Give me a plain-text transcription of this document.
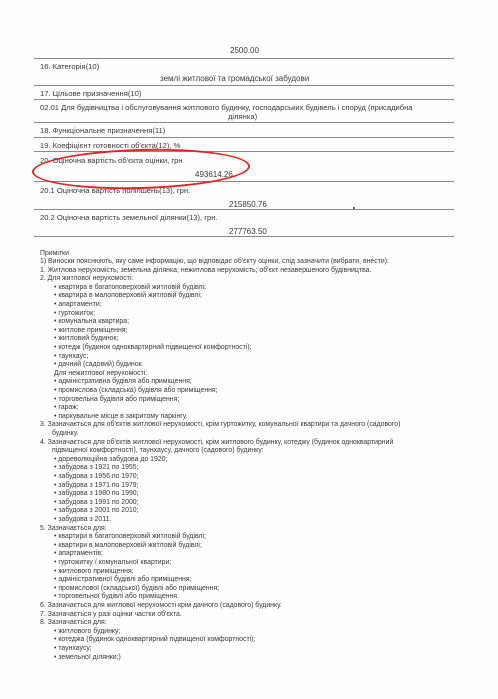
2500.00
16. Категорія(10)
землі житлової та громадської забудови
17. Цільове призначення(10)
02.01 Для будівництва і обслуговування житлового будинку, господарських будівель і споруд (присадибна
ділянка)
18. Функціональне призначення(11)
19. Коефіцієнт готовності об'єкта(12), %
20. Оціночна вартість об'єкта оцінки, грн
493614.26
20.1 Оціночна вартість поліпшень(13), грн.
215850.76
20.2 Оціночна вартість земельної ділянки(13), грн.
277763.50
Примітки
1) Виноски пояснюють, яку саме інформацію, що відповідає об'єкту оцінки, слід зазначити (вибрати, внести):
1. Житлова нерухомість; земельна ділянка; нежитлова нерухомість; об'єкт незавершеного будівництва.
2. Для житлової нерухомості:
• квартира в багатоповерховій житловій будівлі;
• квартира в малоповерховій житловій будівлі;
• апартаменти;
• гуртожиток;
• комунальна квартира;
• житлове приміщення;
• житловий будинок;
• котедж (будинок одноквартирний підвищеної комфортності);
• таунхаус;
• дачний (садовий) будинок.
Для нежитлової нерухомості:
• адміністративна будівля або приміщення;
• промислова (складська) будівля або приміщення;
• торговельна будівля або приміщення;
• гараж;
• паркувальне місце в закритому паркінгу.
3. Зазначається для об'єктів житлової нерухомості, крім гуртожитку, комунальної квартири та дачного (садового)
будинку.
4. Зазначається для об'єктів житлової нерухомості, крім житлового будинку, котеджу (будинок одноквартирний
підвищеної комфортності), таунхаусу, дачного (садового) будинку:
• дореволюційна забудова до 1920;
• забудова з 1921 по 1955;
• забудова з 1956 по 1970;
• забудова з 1971 по 1979;
• забудова з 1980 по 1990;
• забудова з 1991 по 2000;
• забудова з 2001 по 2010;
• забудова з 2011.
5. Зазначається для:
• квартири в багатоповерховій житловій будівлі;
• квартири в малоповерховій житловій будівлі;
• апартаментів;
• гуртожитку / комунальної квартири;
• житлового приміщення;
• адміністративної будівлі або приміщення;
• промислової (складської) будівлі або приміщення;
• торговельної будівлі або приміщення.
6. Зазначається для житлової нерухомості крім дачного (садового) будинку.
7. Зазначається у разі оцінки частки об'єкта.
8. Зазначається для:
• житлового будинку;
• котеджа (будинок одноквартирний підвищеної комфортності);
• таунхаусу;
• земельної ділянки;)
